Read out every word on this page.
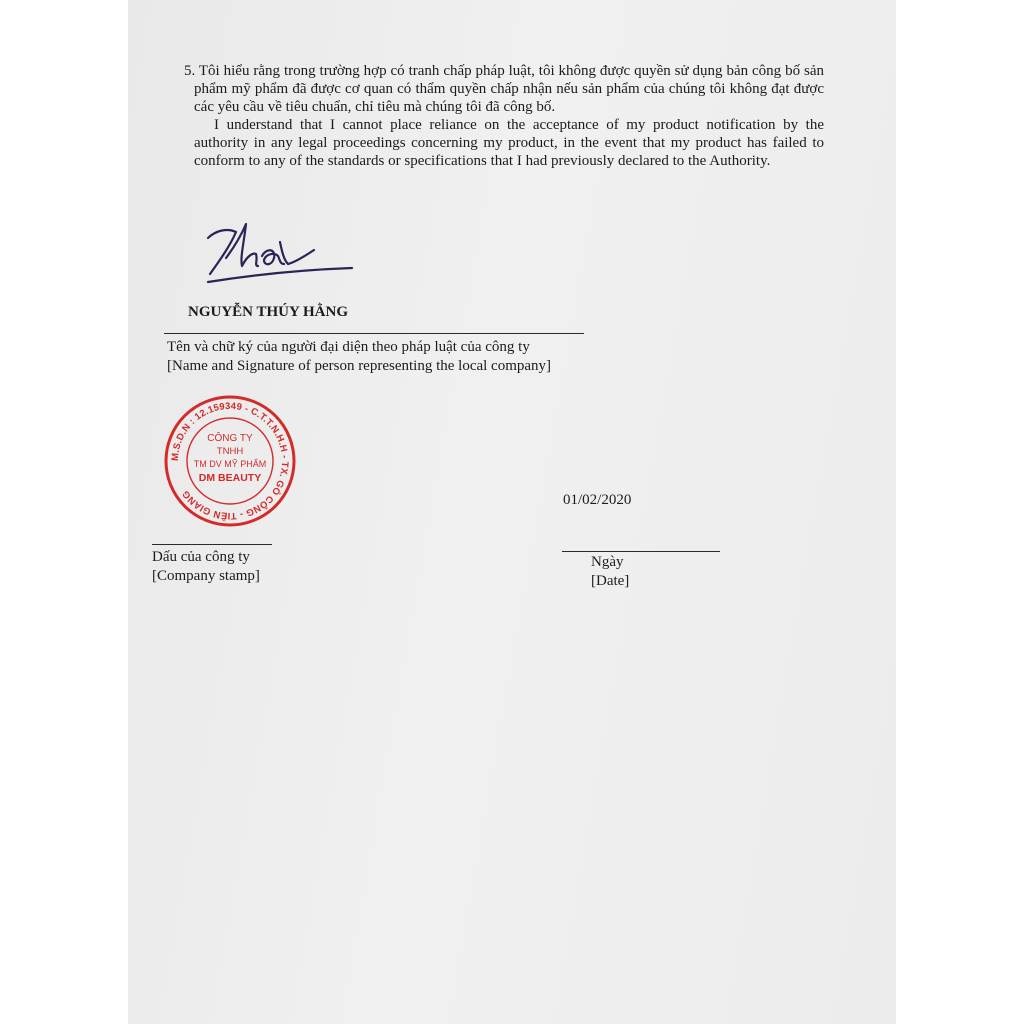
5. Tôi hiểu rằng trong trường hợp có tranh chấp pháp luật, tôi không được quyền sử dụng bản công bố sản phẩm mỹ phẩm đã được cơ quan có thẩm quyền chấp nhận nếu sản phẩm của chúng tôi không đạt được các yêu cầu về tiêu chuẩn, chỉ tiêu mà chúng tôi đã công bố.

I understand that I cannot place reliance on the acceptance of my product notification by the authority in any legal proceedings concerning my product, in the event that my product has failed to conform to any of the standards or specifications that I had previously declared to the Authority.

NGUYỄN THÚY HẰNG
Tên và chữ ký của người đại diện theo pháp luật của công ty
[Name and Signature of person representing the local company]
M.S.D.N : 12.159349 - C.T.T.N.H.H - TX. GÒ CÔNG - TIỀN GIANG
CÔNG TY
TNHH
TM DV MỸ PHẨM
DM BEAUTY
Dấu của công ty
[Company stamp]
01/02/2020
Ngày
[Date]
